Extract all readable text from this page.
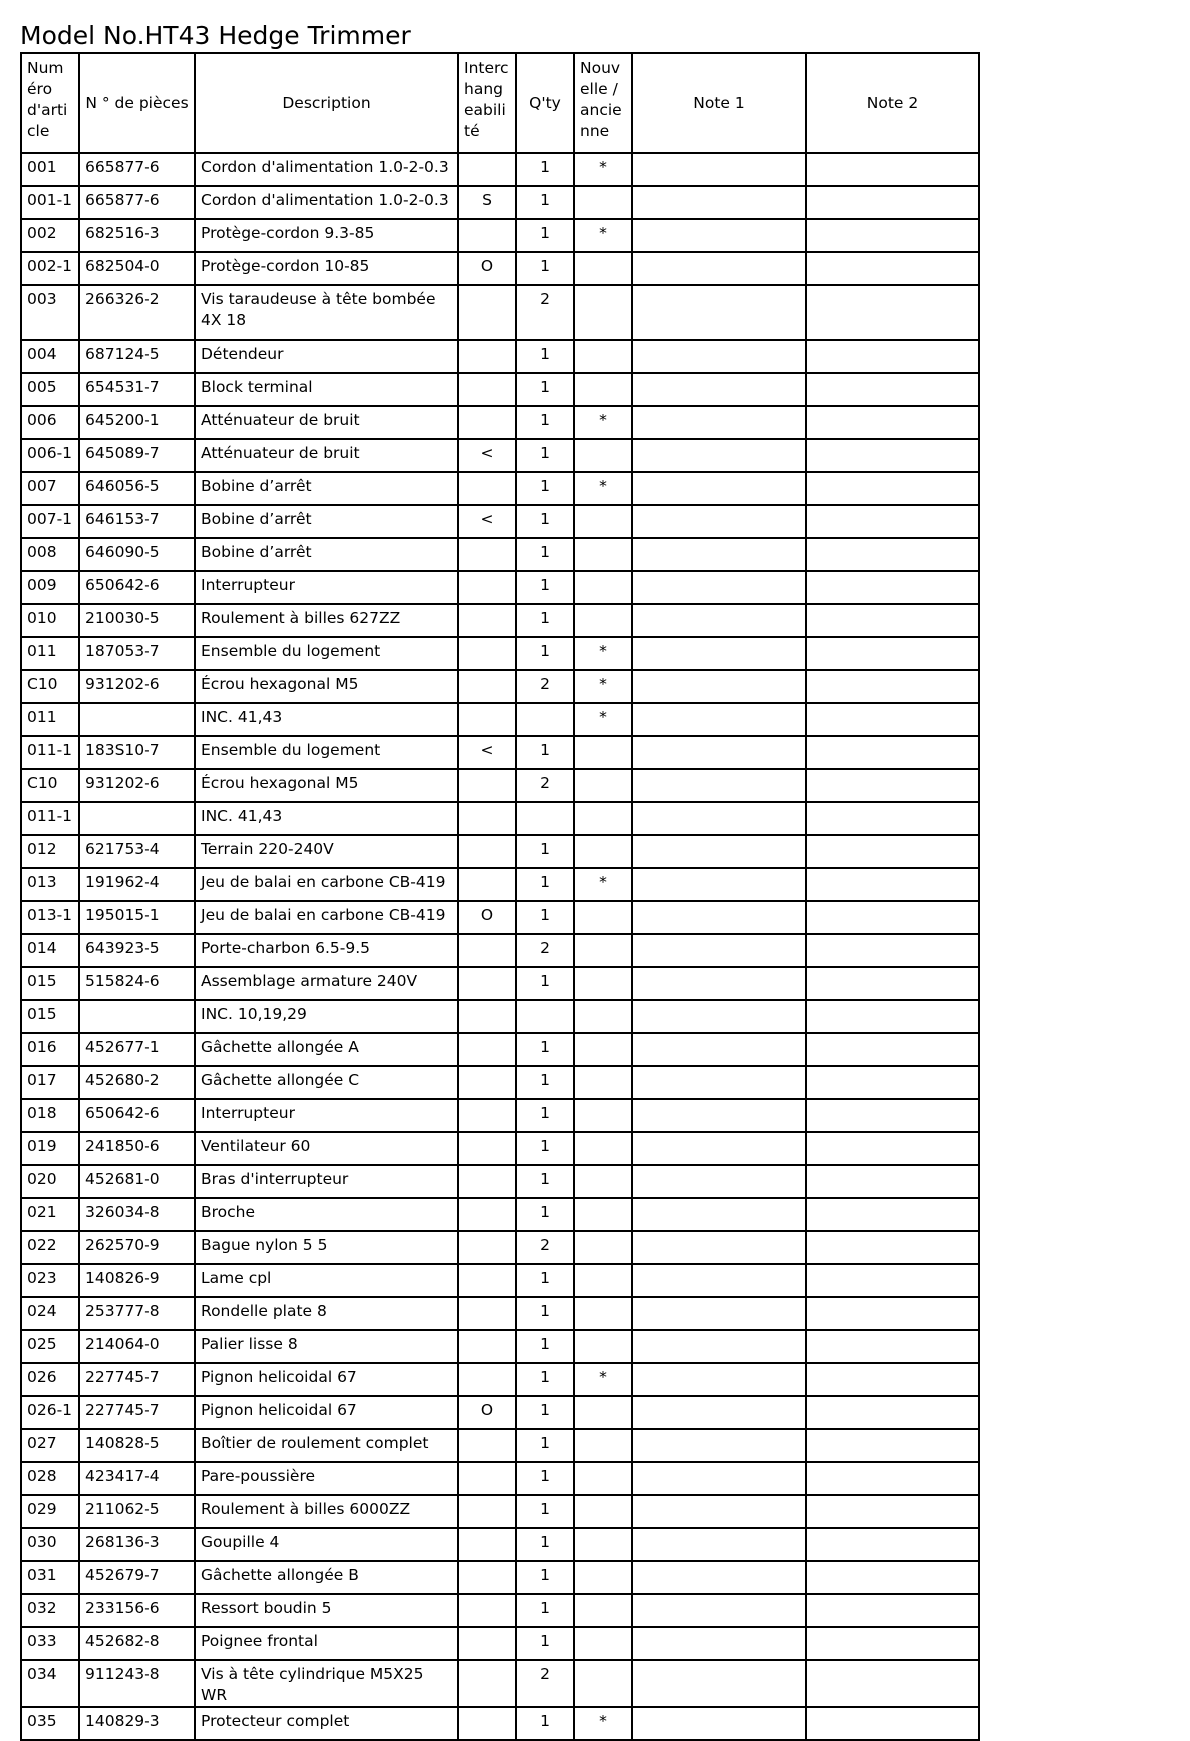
Model No.HT43 Hedge Trimmer
Numéro d'article	N ° de pièces	Description	Interchangeabilité	Q'ty	Nouvelle / ancienne	Note 1	Note 2
001	665877-6	Cordon d'alimentation 1.0-2-0.3		1	*		
001-1	665877-6	Cordon d'alimentation 1.0-2-0.3	S	1			
002	682516-3	Protège-cordon 9.3-85		1	*		
002-1	682504-0	Protège-cordon 10-85	O	1			
003	266326-2	Vis taraudeuse à tête bombée 4X 18		2			
004	687124-5	Détendeur		1			
005	654531-7	Block terminal		1			
006	645200-1	Atténuateur de bruit		1	*		
006-1	645089-7	Atténuateur de bruit	<	1			
007	646056-5	Bobine d’arrêt		1	*		
007-1	646153-7	Bobine d’arrêt	<	1			
008	646090-5	Bobine d’arrêt		1			
009	650642-6	Interrupteur		1			
010	210030-5	Roulement à billes 627ZZ		1			
011	187053-7	Ensemble du logement		1	*		
C10	931202-6	Écrou hexagonal M5		2	*		
011		INC. 41,43			*		
011-1	183S10-7	Ensemble du logement	<	1			
C10	931202-6	Écrou hexagonal M5		2			
011-1		INC. 41,43					
012	621753-4	Terrain 220-240V		1			
013	191962-4	Jeu de balai en carbone CB-419		1	*		
013-1	195015-1	Jeu de balai en carbone CB-419	O	1			
014	643923-5	Porte-charbon 6.5-9.5		2			
015	515824-6	Assemblage armature 240V		1			
015		INC. 10,19,29					
016	452677-1	Gâchette allongée A		1			
017	452680-2	Gâchette allongée C		1			
018	650642-6	Interrupteur		1			
019	241850-6	Ventilateur 60		1			
020	452681-0	Bras d'interrupteur		1			
021	326034-8	Broche		1			
022	262570-9	Bague nylon 5 5		2			
023	140826-9	Lame cpl		1			
024	253777-8	Rondelle plate 8		1			
025	214064-0	Palier lisse 8		1			
026	227745-7	Pignon helicoidal 67		1	*		
026-1	227745-7	Pignon helicoidal 67	O	1			
027	140828-5	Boîtier de roulement complet		1			
028	423417-4	Pare-poussière		1			
029	211062-5	Roulement à billes 6000ZZ		1			
030	268136-3	Goupille 4		1			
031	452679-7	Gâchette allongée B		1			
032	233156-6	Ressort boudin 5		1			
033	452682-8	Poignee frontal		1			
034	911243-8	Vis à tête cylindrique M5X25 WR		2			
035	140829-3	Protecteur complet		1	*		
